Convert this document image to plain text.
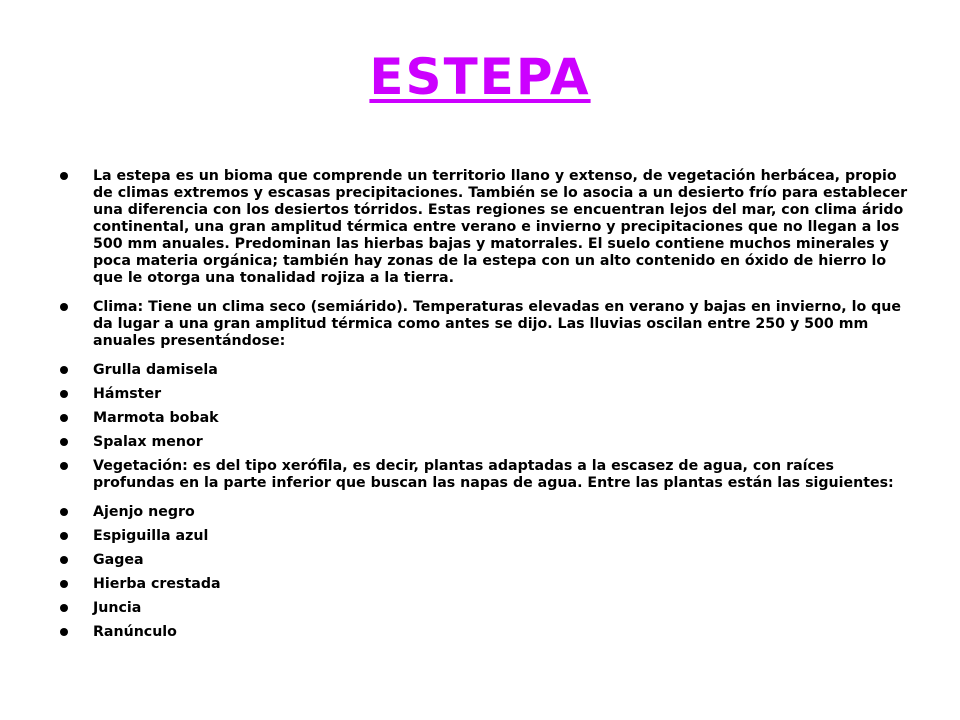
ESTEPA
La estepa es un bioma que comprende un territorio llano y extenso, de vegetación herbácea, propio de climas extremos y escasas precipitaciones. También se lo asocia a un desierto frío para establecer una diferencia con los desiertos tórridos. Estas regiones se encuentran lejos del mar, con clima árido continental, una gran amplitud térmica entre verano e invierno y precipitaciones que no llegan a los 500 mm anuales. Predominan las hierbas bajas y matorrales. El suelo contiene muchos minerales y poca materia orgánica; también hay zonas de la estepa con un alto contenido en óxido de hierro lo que le otorga una tonalidad rojiza a la tierra.
Clima: Tiene un clima seco (semiárido). Temperaturas elevadas en verano y bajas en invierno, lo que da lugar a una gran amplitud térmica como antes se dijo. Las lluvias oscilan entre 250 y 500 mm anuales presentándose:
Grulla damisela
Hámster
Marmota bobak
Spalax menor
Vegetación: es del tipo xerófila, es decir, plantas adaptadas a la escasez de agua, con raíces profundas en la parte inferior que buscan las napas de agua. Entre las plantas están las siguientes:
Ajenjo negro
Espiguilla azul
Gagea
Hierba crestada
Juncia
Ranúnculo
